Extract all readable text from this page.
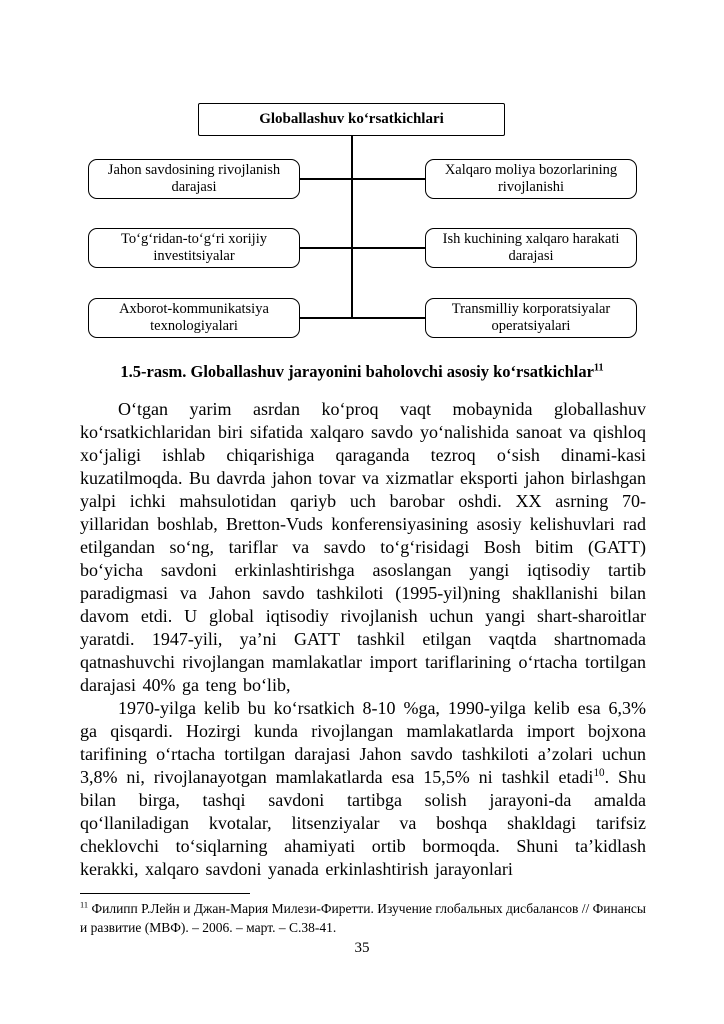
Globallashuv ko‘rsatkichlari
Jahon savdosining rivojlanish darajasi
To‘g‘ridan-to‘g‘ri xorijiy investitsiyalar
Axborot-kommunikatsiya texnologiyalari
Xalqaro moliya bozorlarining rivojlanishi
Ish kuchining xalqaro harakati darajasi
Transmilliy korporatsiyalar operatsiyalari
1.5-rasm. Globallashuv jarayonini baholovchi asosiy ko‘rsatkichlar$^{11}$

O‘tgan yarim asrdan ko‘proq vaqt mobaynida globallashuv ko‘rsatkichlaridan biri sifatida xalqaro savdo yo‘nalishida sanoat va qishloq xo‘jaligi ishlab chiqarishiga qaraganda tezroq o‘sish dinami-kasi kuzatilmoqda. Bu davrda jahon tovar va xizmatlar eksporti jahon birlashgan yalpi ichki mahsulotidan qariyb uch barobar oshdi. XX asrning 70-yillaridan boshlab, Bretton-Vuds konferensiyasining asosiy kelishuvlari rad etilgandan so‘ng, tariflar va savdo to‘g‘risidagi Bosh bitim (GATT) bo‘yicha savdoni erkinlashtirishga asoslangan yangi iqtisodiy tartib paradigmasi va Jahon savdo tashkiloti (1995-yil)ning shakllanishi bilan davom etdi. U global iqtisodiy rivojlanish uchun yangi shart-sharoitlar yaratdi. 1947-yili, ya’ni GATT tashkil etilgan vaqtda shartnomada qatnashuvchi rivojlangan mamlakatlar import tariflarining o‘rtacha tortilgan darajasi 40% ga teng bo‘lib,

1970-yilga kelib bu ko‘rsatkich 8-10 %ga, 1990-yilga kelib esa 6,3% ga qisqardi. Hozirgi kunda rivojlangan mamlakatlarda import bojxona tarifining o‘rtacha tortilgan darajasi Jahon savdo tashkiloti a’zolari uchun 3,8% ni, rivojlanayotgan mamlakatlarda esa 15,5% ni tashkil etadi$^{10}$. Shu bilan birga, tashqi savdoni tartibga solish jarayoni-da amalda qo‘llaniladigan kvotalar, litsenziyalar va boshqa shakldagi tarifsiz cheklovchi to‘siqlarning ahamiyati ortib bormoqda. Shuni ta’kidlash kerakki, xalqaro savdoni yanada erkinlashtirish jarayonlari

$^{11}$ Филипп Р.Лейн и Джан-Мария Милези-Фиретти. Изучение глобальных дисбалансов // Финансы и развитие (МВФ). – 2006. – март. – С.38-41.
35
